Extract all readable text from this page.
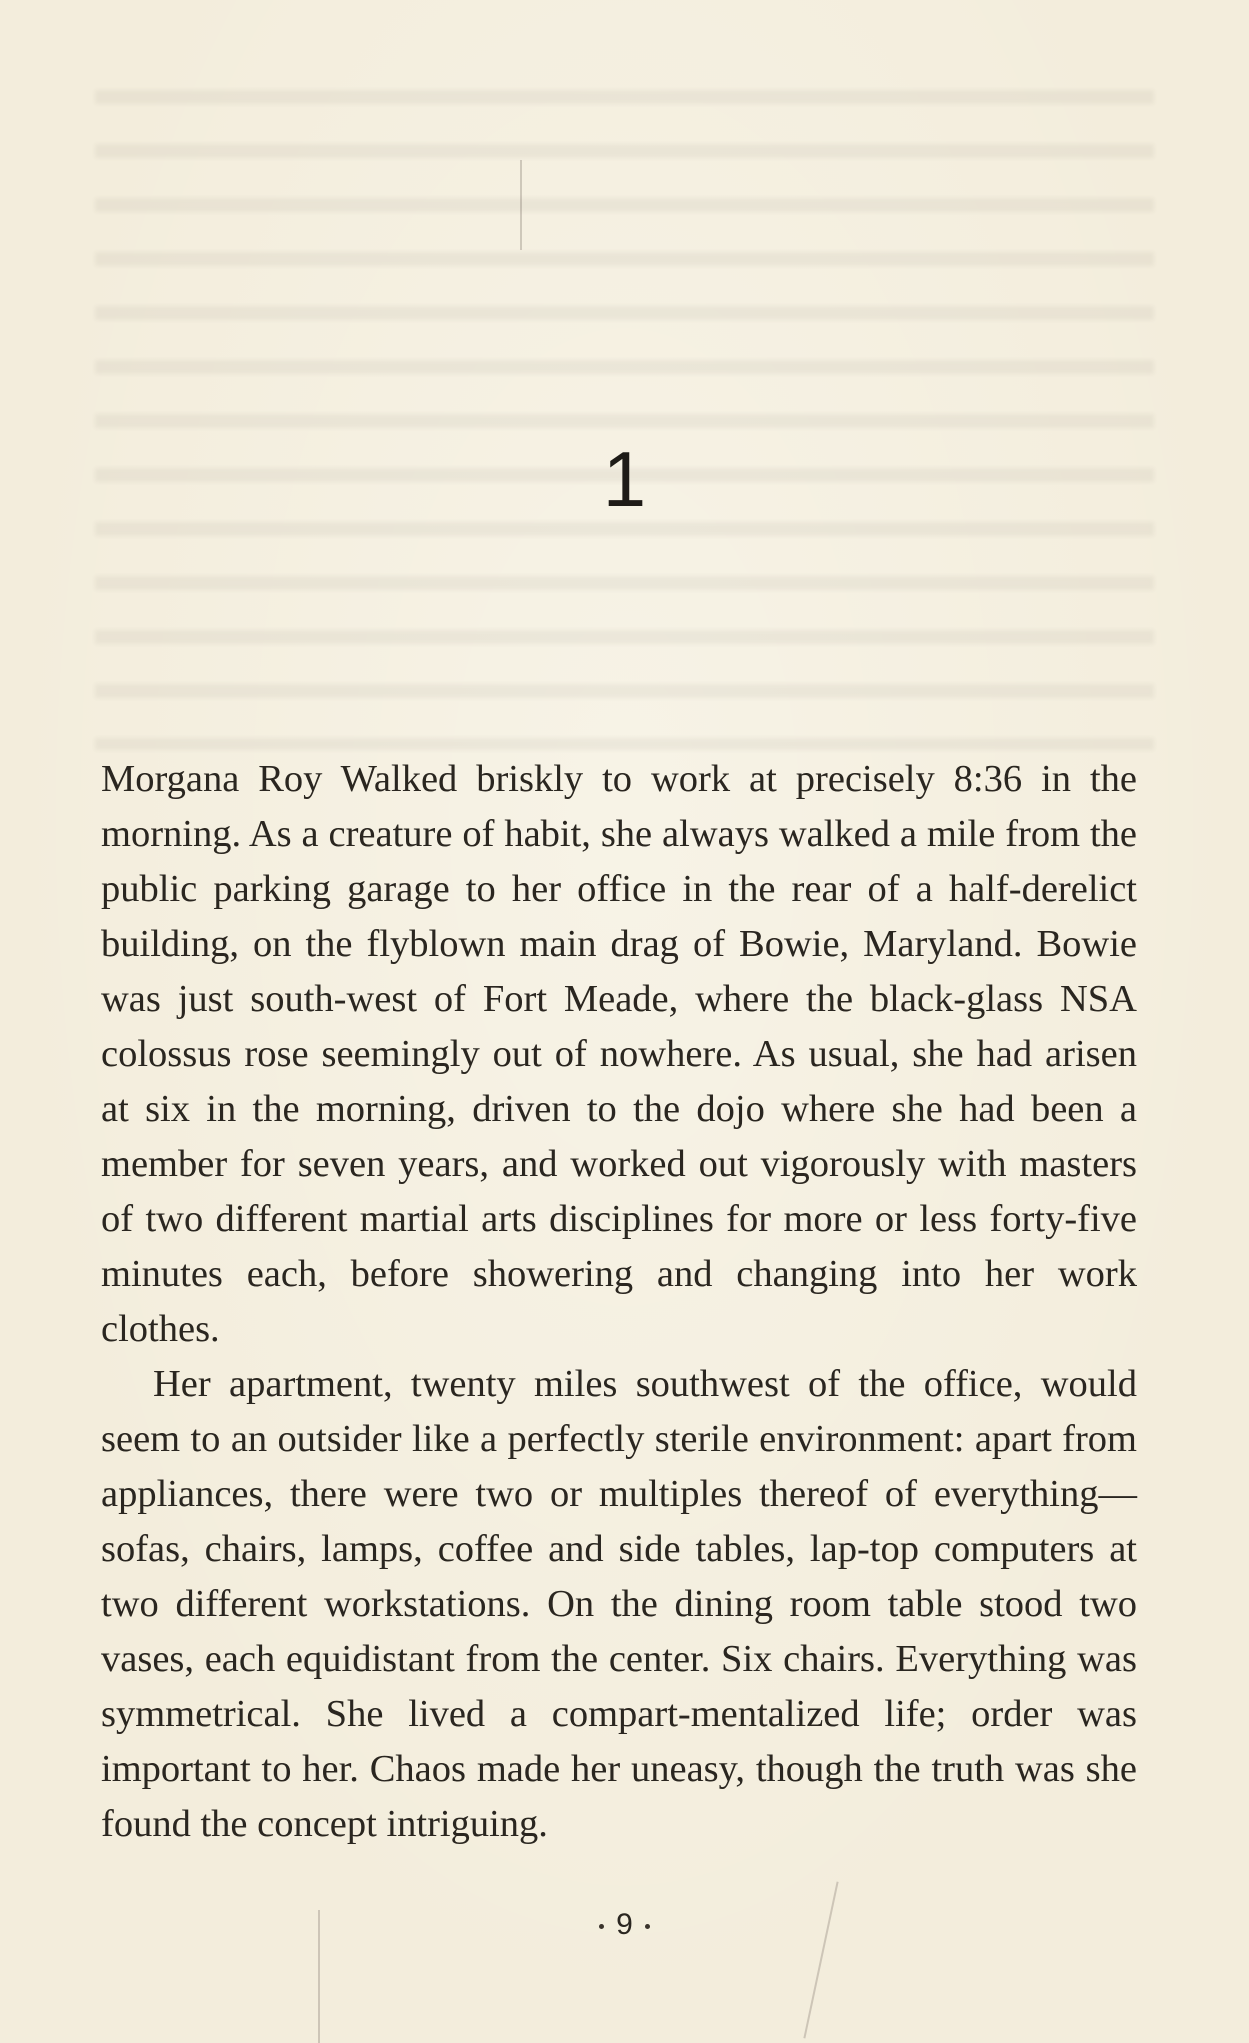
1

Morgana Roy Walked briskly to work at precisely 8:36 in the morning. As a creature of habit, she always walked a mile from the public parking garage to her office in the rear of a half-derelict building, on the flyblown main drag of Bowie, Maryland. Bowie was just south-west of Fort Meade, where the black-glass NSA colossus rose seemingly out of nowhere. As usual, she had arisen at six in the morning, driven to the dojo where she had been a member for seven years, and worked out vigorously with masters of two different martial arts disciplines for more or less forty-five minutes each, before showering and changing into her work clothes.

Her apartment, twenty miles southwest of the office, would seem to an outsider like a perfectly sterile environment: apart from appliances, there were two or multiples thereof of everything—sofas, chairs, lamps, coffee and side tables, lap-top computers at two different workstations. On the dining room table stood two vases, each equidistant from the center. Six chairs. Everything was symmetrical. She lived a compart-mentalized life; order was important to her. Chaos made her uneasy, though the truth was she found the concept intriguing.

9
